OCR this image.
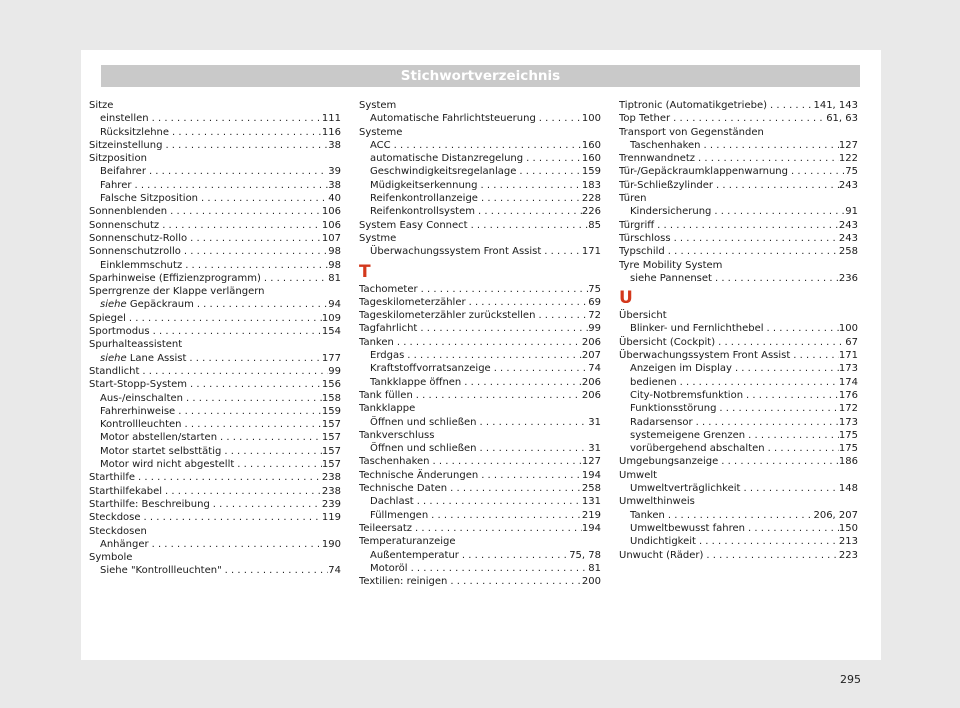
Stichwortverzeichnis
Sitze
einstellen . . .	111
Rücksitzlehne . . .	116
Sitzeinstellung . . .	38
Sitzposition
Beifahrer . . .	39
Fahrer . . .	38
Falsche Sitzposition . . .	40
Sonnenblenden . . .	106
Sonnenschutz . . .	106
Sonnenschutz-Rollo . . .	107
Sonnenschutzrollo . . .	98
Einklemmschutz . . .	98
Sparhinweise (Effizienzprogramm) . . .	81
Sperrgrenze der Klappe verlängern
siehe Gepäckraum . . .	94
Spiegel . . .	109
Sportmodus . . .	154
Spurhalteassistent
siehe Lane Assist . . .	177
Standlicht . . .	99
Start-Stopp-System . . .	156
Aus-/einschalten . . .	158
Fahrerhinweise . . .	159
Kontrollleuchten . . .	157
Motor abstellen/starten . . .	157
Motor startet selbsttätig . . .	157
Motor wird nicht abgestellt . . .	157
Starthilfe . . .	238
Starthilfekabel . . .	238
Starthilfe: Beschreibung . . .	239
Steckdose . . .	119
Steckdosen
Anhänger . . .	190
Symbole
Siehe "Kontrollleuchten" . . .	74
System
Automatische Fahrlichtsteuerung . . .	100
Systeme
ACC . . .	160
automatische Distanzregelung . . .	160
Geschwindigkeitsregelanlage . . .	159
Müdigkeitserkennung . . .	183
Reifenkontrollanzeige . . .	228
Reifenkontrollsystem . . .	226
System Easy Connect . . .	85
Systme
Überwachungssystem Front Assist . . .	171
T
Tachometer . . .	75
Tageskilometerzähler . . .	69
Tageskilometerzähler zurückstellen . . .	72
Tagfahrlicht . . .	99
Tanken . . .	206
Erdgas . . .	207
Kraftstoffvorratsanzeige . . .	74
Tankklappe öffnen . . .	206
Tank füllen . . .	206
Tankklappe
Öffnen und schließen . . .	31
Tankverschluss
Öffnen und schließen . . .	31
Taschenhaken . . .	127
Technische Änderungen . . .	194
Technische Daten . . .	258
Dachlast . . .	131
Füllmengen . . .	219
Teileersatz . . .	194
Temperaturanzeige
Außentemperatur . . .	75, 78
Motoröl . . .	81
Textilien: reinigen . . .	200
Tiptronic (Automatikgetriebe) . . .	141, 143
Top Tether . . .	61, 63
Transport von Gegenständen
Taschenhaken . . .	127
Trennwandnetz . . .	122
Tür-/Gepäckraumklappenwarnung . . .	75
Tür-Schließzylinder . . .	243
Türen
Kindersicherung . . .	91
Türgriff . . .	243
Türschloss . . .	243
Typschild . . .	258
Tyre Mobility System
siehe Pannenset . . .	236
U
Übersicht
Blinker- und Fernlichthebel . . .	100
Übersicht (Cockpit) . . .	67
Überwachungssystem Front Assist . . .	171
Anzeigen im Display . . .	173
bedienen . . .	174
City-Notbremsfunktion . . .	176
Funktionsstörung . . .	172
Radarsensor . . .	173
systemeigene Grenzen . . .	175
vorübergehend abschalten . . .	175
Umgebungsanzeige . . .	186
Umwelt
Umweltverträglichkeit . . .	148
Umwelthinweis
Tanken . . .	206, 207
Umweltbewusst fahren . . .	150
Undichtigkeit . . .	213
Unwucht (Räder) . . .	223
295
